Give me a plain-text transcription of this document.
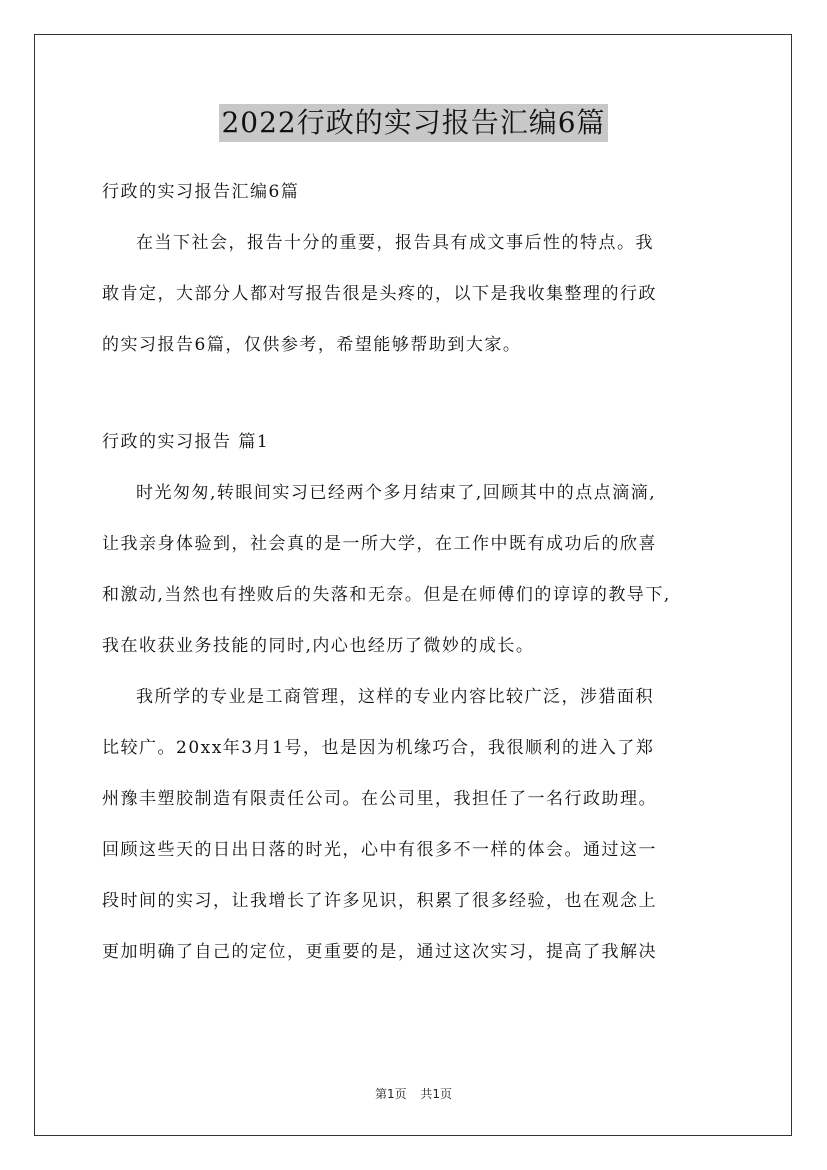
2022行政的实习报告汇编6篇
行政的实习报告汇编6篇
在当下社会，报告十分的重要，报告具有成文事后性的特点。我
敢肯定，大部分人都对写报告很是头疼的，以下是我收集整理的行政
的实习报告6篇，仅供参考，希望能够帮助到大家。
行政的实习报告 篇1
时光匆匆,转眼间实习已经两个多月结束了,回顾其中的点点滴滴,
让我亲身体验到，社会真的是一所大学，在工作中既有成功后的欣喜
和激动,当然也有挫败后的失落和无奈。但是在师傅们的谆谆的教导下,
我在收获业务技能的同时,内心也经历了微妙的成长。
我所学的专业是工商管理，这样的专业内容比较广泛，涉猎面积
比较广。20xx年3月1号，也是因为机缘巧合，我很顺利的进入了郑
州豫丰塑胶制造有限责任公司。在公司里，我担任了一名行政助理。
回顾这些天的日出日落的时光，心中有很多不一样的体会。通过这一
段时间的实习，让我增长了许多见识，积累了很多经验，也在观念上
更加明确了自己的定位，更重要的是，通过这次实习，提高了我解决
第1页 共1页
